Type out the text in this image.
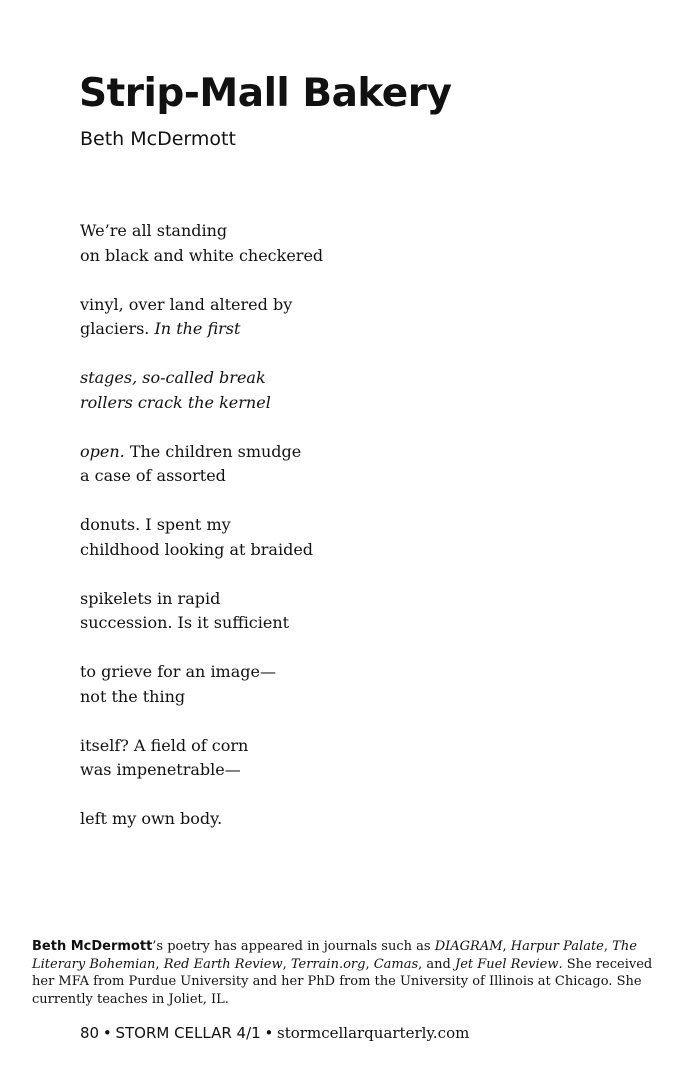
Strip-Mall Bakery
Beth McDermott
We’re all standing
on black and white checkered
vinyl, over land altered by
glaciers. In the first
stages, so-called break
rollers crack the kernel
open. The children smudge
a case of assorted
donuts. I spent my
childhood looking at braided
spikelets in rapid
succession. Is it sufficient
to grieve for an image—
not the thing
itself? A field of corn
was impenetrable—
left my own body.

Beth McDermott’s poetry has appeared in journals such as DIAGRAM, Harpur Palate, The Literary Bohemian, Red Earth Review, Terrain.org, Camas, and Jet Fuel Review. She received her MFA from Purdue University and her PhD from the University of Illinois at Chicago. She currently teaches in Joliet, IL.

80 • STORM CELLAR 4/1 • stormcellarquarterly.com
